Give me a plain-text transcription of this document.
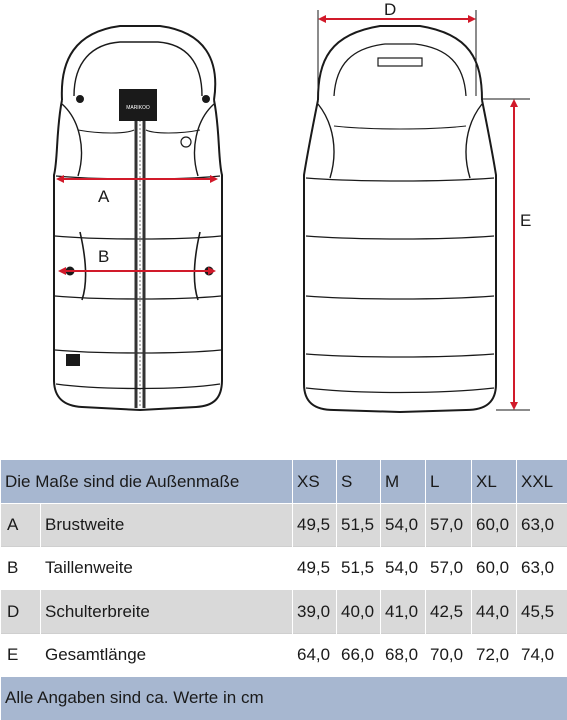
MARIKOO
A
B
D
E
Die Maße sind die Außenmaße		XS	S	M	L	XL	XXL
A	Brustweite	49,5	51,5	54,0	57,0	60,0	63,0
B	Taillenweite	49,5	51,5	54,0	57,0	60,0	63,0
D	Schulterbreite	39,0	40,0	41,0	42,5	44,0	45,5
E	Gesamtlänge	64,0	66,0	68,0	70,0	72,0	74,0
Alle Angaben sind ca. Werte in cm							
